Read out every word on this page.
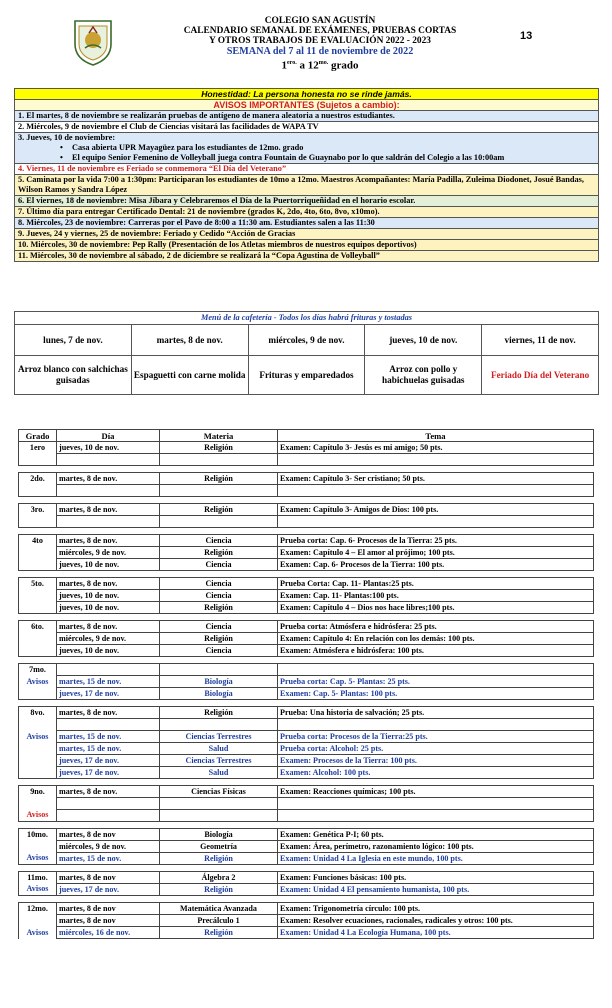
COLEGIO SAN AGUSTÍN
CALENDARIO SEMANAL DE EXÁMENES, PRUEBAS CORTAS
Y OTROS TRABAJOS DE EVALUACIÓN 2022 - 2023
SEMANA del 7 al 11 de noviembre de 2022
$1^{ero.}$ a $12^{mo.}$ grado
13
Honestidad: La persona honesta no se rinde jamás.
AVISOS IMPORTANTES (Sujetos a cambio):
1. El martes, 8 de noviembre se realizarán pruebas de antígeno de manera aleatoria a nuestros estudiantes.
2. Miércoles, 9 de noviembre el Club de Ciencias visitará las facilidades de WAPA TV
3. Jueves, 10 de noviembre:
• Casa abierta UPR Mayagüez para los estudiantes de 12mo. grado
• El equipo Senior Femenino de Volleyball juega contra Fountain de Guaynabo por lo que saldrán del Colegio a las 10:00am

4. Viernes, 11 de noviembre es Feriado se conmemora “El Día del Veterano”
5. Caminata por la vida 7:00 a 1:30pm: Participaran los estudiantes de 10mo a 12mo. Maestros Acompañantes: María Padilla, Zuleima Diodonet, Josué Bandas, Wilson Ramos y Sandra López
6. El viernes, 18 de noviembre: Misa Jíbara y Celebraremos el Día de la Puertorriqueñidad en el horario escolar.
7. Último día para entregar Certificado Dental: 21 de noviembre (grados K, 2do, 4to, 6to, 8vo, x10mo).
8. Miércoles, 23 de noviembre: Carreras por el Pavo de 8:00 a 11:30 am. Estudiantes salen a las 11:30
9. Jueves, 24 y viernes, 25 de noviembre: Feriado y Cedido “Acción de Gracias
10. Miércoles, 30 de noviembre: Pep Rally (Presentación de los Atletas miembros de nuestros equipos deportivos)
11. Miércoles, 30 de noviembre al sábado, 2 de diciembre se realizará la “Copa Agustina de Volleyball”
Menú de la cafetería - Todos los días habrá frituras y tostadas
lunes, 7 de nov.	martes, 8 de nov.	miércoles, 9 de nov.	jueves, 10 de nov.	viernes, 11 de nov.
Arroz blanco con salchichas guisadas	Espaguetti con carne molida	Frituras y emparedados	Arroz con pollo y habichuelas guisadas	Feriado Día del Veterano
Grado	Día	Materia	Tema
1ero	jueves, 10 de nov.	Religión	Examen: Capítulo 3- Jesús es mi amigo; 50 pts.

2do.	martes, 8 de nov.	Religión	Examen: Capítulo 3- Ser cristiano; 50 pts.

3ro.	martes, 8 de nov.	Religión	Examen: Capítulo 3- Amigos de Dios: 100 pts.

4to	martes, 8 de nov.	Ciencia	Prueba corta: Cap. 6- Procesos de la Tierra: 25 pts.
	miércoles, 9 de nov.	Religión	Examen: Capítulo 4 – El amor al prójimo; 100 pts.
	jueves, 10 de nov.	Ciencia	Examen: Cap. 6- Procesos de la Tierra: 100 pts.

5to.	martes, 8 de nov.	Ciencia	Prueba Corta: Cap. 11- Plantas:25 pts.
	jueves, 10 de nov.	Ciencia	Examen: Cap. 11- Plantas:100 pts.
	jueves, 10 de nov.	Religión	Examen: Capítulo 4 – Dios nos hace libres;100 pts.

6to.	martes, 8 de nov.	Ciencia	Prueba corta: Atmósfera e hidrósfera: 25 pts.
	miércoles, 9 de nov.	Religión	Examen: Capítulo 4: En relación con los demás: 100 pts.
	jueves, 10 de nov.	Ciencia	Examen: Atmósfera e hidrósfera: 100 pts.

7mo.			
Avisos	martes, 15 de nov.	Biología	Prueba corta: Cap. 5- Plantas: 25 pts.
	jueves, 17 de nov.	Biología	Examen: Cap. 5- Plantas: 100 pts.

8vo.	martes, 8 de nov.	Religión	Prueba: Una historia de salvación; 25 pts.

Avisos	martes, 15 de nov.	Ciencias Terrestres	Prueba corta: Procesos de la Tierra:25 pts.
	martes, 15 de nov.	Salud	Prueba corta: Alcohol: 25 pts.
	jueves, 17 de nov.	Ciencias Terrestres	Examen: Procesos de la Tierra: 100 pts.
	jueves, 17 de nov.	Salud	Examen: Alcohol: 100 pts.

9no.	martes, 8 de nov.	Ciencias Físicas	Examen: Reacciones químicas; 100 pts.

Avisos			

10mo.	martes, 8 de nov	Biología	Examen: Genética P-I; 60 pts.
	miércoles, 9 de nov.	Geometría	Examen: Área, perímetro, razonamiento lógico: 100 pts.
Avisos	martes, 15 de nov.	Religión	Examen: Unidad 4 La Iglesia en este mundo, 100 pts.

11mo.	martes, 8 de nov	Álgebra 2	Examen: Funciones básicas: 100 pts.
Avisos	jueves, 17 de nov.	Religión	Examen: Unidad 4 El pensamiento humanista, 100 pts.

12mo.	martes, 8 de nov	Matemática Avanzada	Examen: Trigonometría círculo: 100 pts.
	martes, 8 de nov	Precálculo 1	Examen: Resolver ecuaciones, racionales, radicales y otros: 100 pts.
Avisos	miércoles, 16 de nov.	Religión	Examen: Unidad 4 La Ecología Humana, 100 pts.
